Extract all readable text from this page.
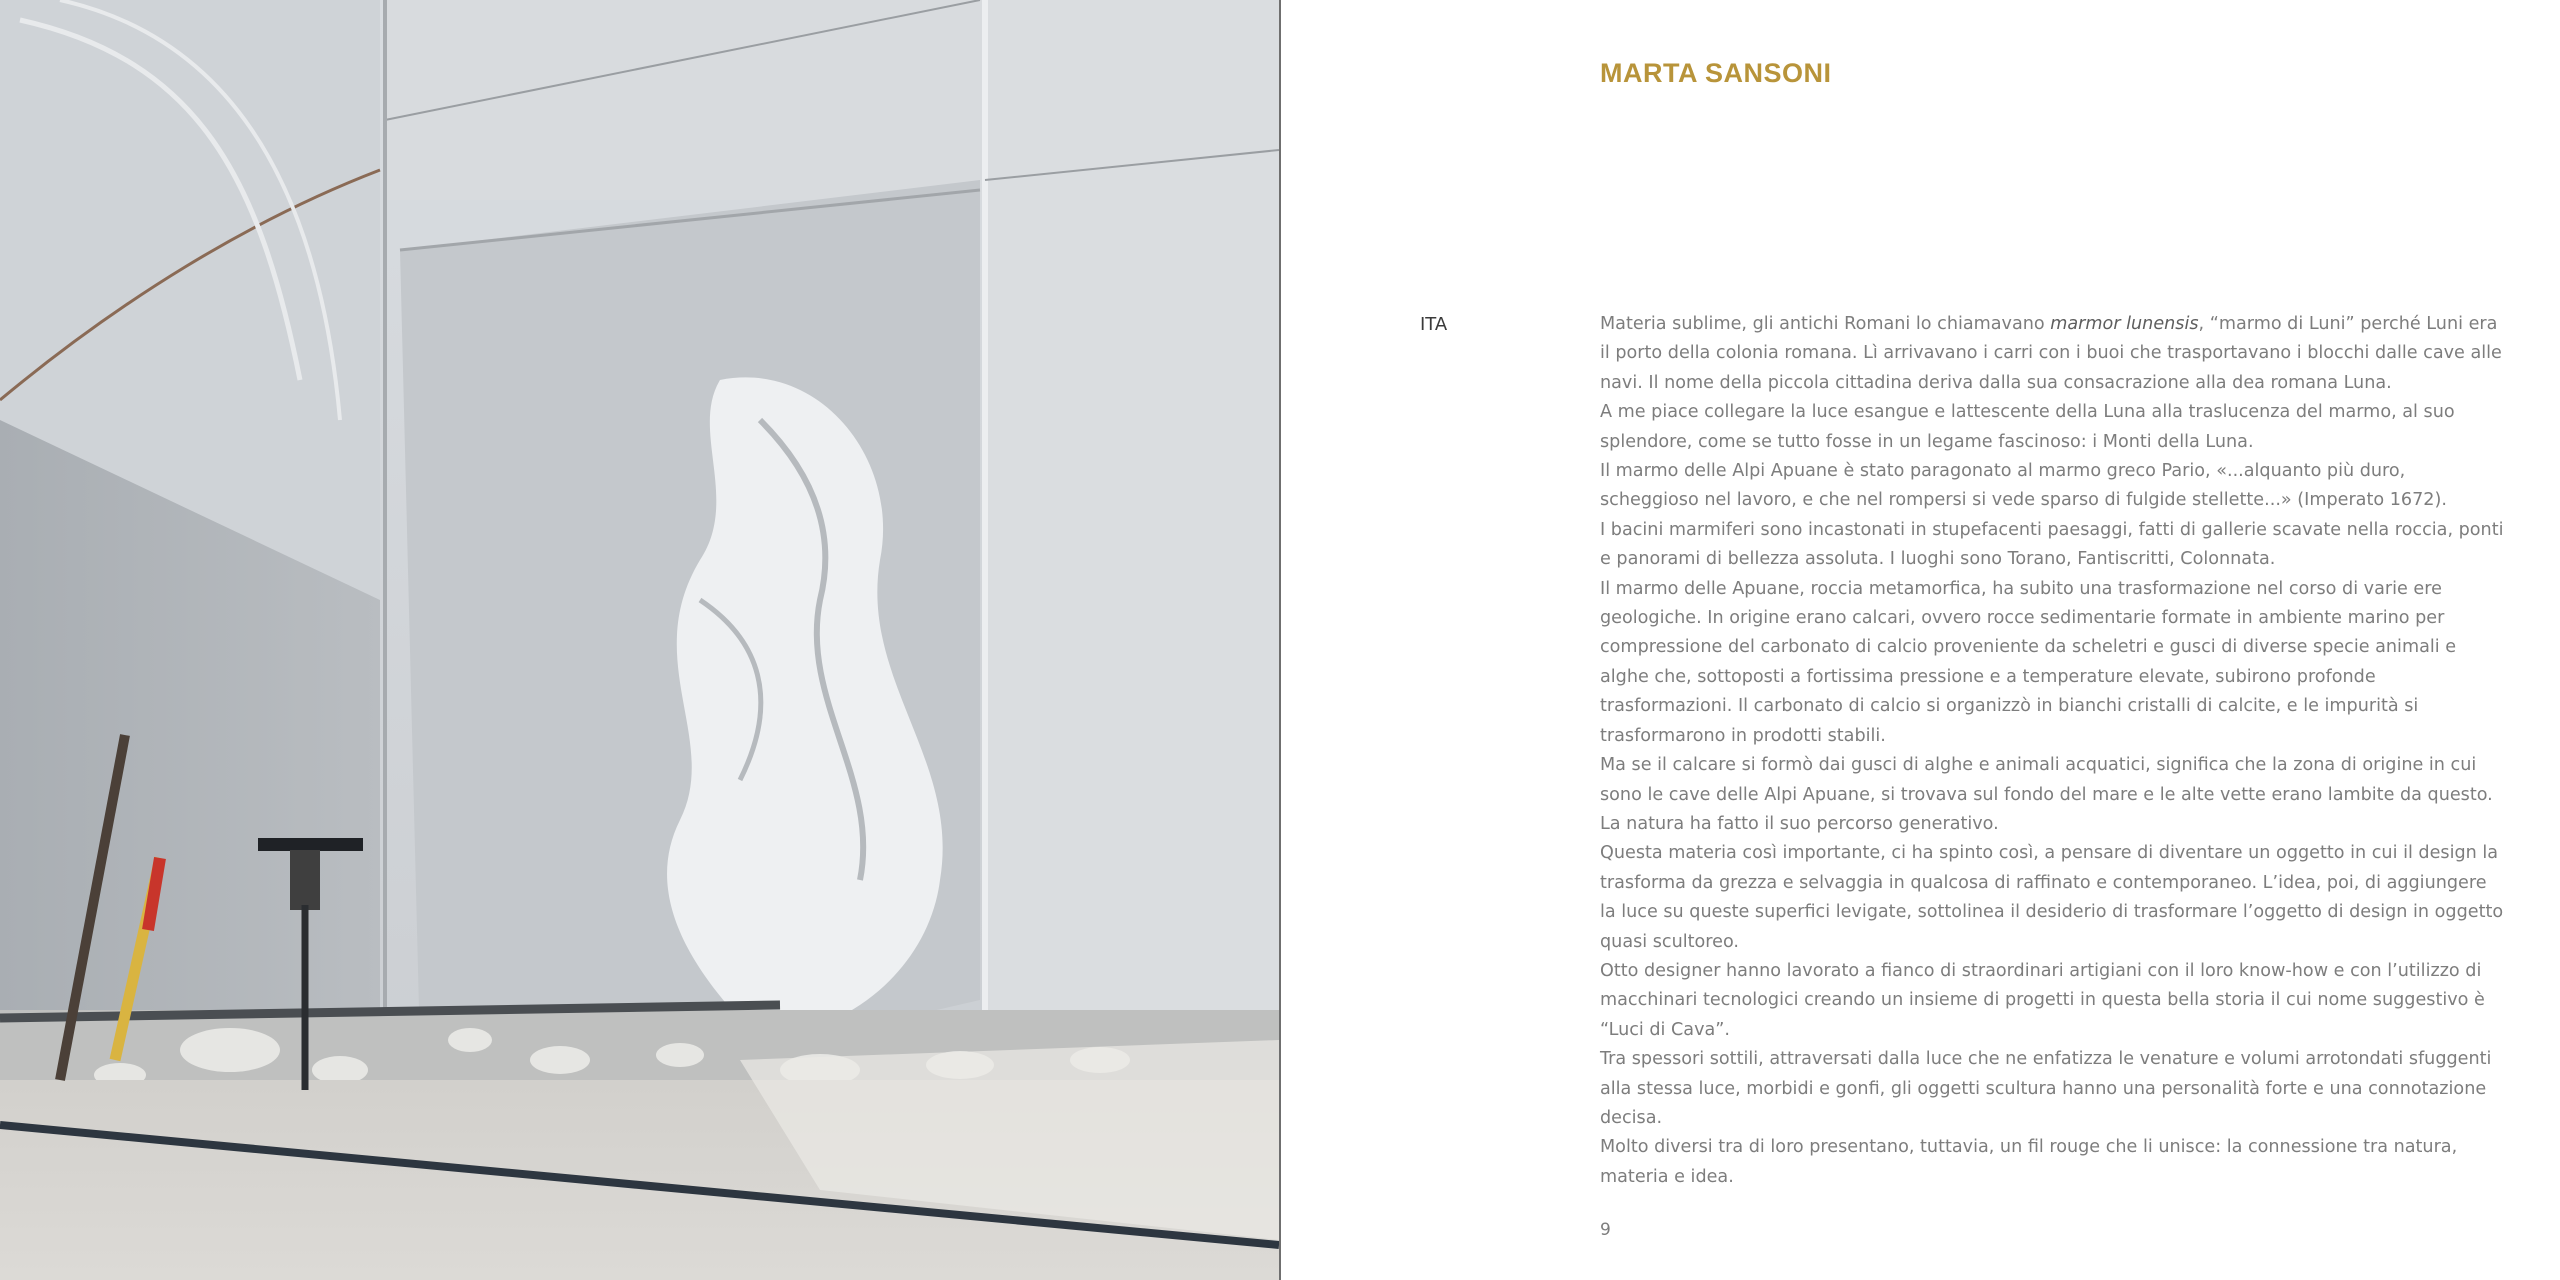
MARTA SANSONI
ITA	Materia sublime, gli antichi Romani lo chiamavano marmor lunensis, “marmo di Luni” perché Luni era il porto della colonia romana. Lì arrivavano i carri con i buoi che trasportavano i blocchi dalle cave alle navi. Il nome della piccola cittadina deriva dalla sua consacrazione alla dea romana Luna.

A me piace collegare la luce esangue e lattescente della Luna alla traslucenza del marmo, al suo splendore, come se tutto fosse in un legame fascinoso: i Monti della Luna.

Il marmo delle Alpi Apuane è stato paragonato al marmo greco Pario, «...alquanto più duro, scheggioso nel lavoro, e che nel rompersi si vede sparso di fulgide stellette...» (Imperato 1672).

I bacini marmiferi sono incastonati in stupefacenti paesaggi, fatti di gallerie scavate nella roccia, ponti e panorami di bellezza assoluta. I luoghi sono Torano, Fantiscritti, Colonnata.

Il marmo delle Apuane, roccia metamorfica, ha subito una trasformazione nel corso di varie ere geologiche. In origine erano calcari, ovvero rocce sedimentarie formate in ambiente marino per compressione del carbonato di calcio proveniente da scheletri e gusci di diverse specie animali e alghe che, sottoposti a fortissima pressione e a temperature elevate, subirono profonde trasformazioni. Il carbonato di calcio si organizzò in bianchi cristalli di calcite, e le impurità si trasformarono in prodotti stabili.

Ma se il calcare si formò dai gusci di alghe e animali acquatici, significa che la zona di origine in cui sono le cave delle Alpi Apuane, si trovava sul fondo del mare e le alte vette erano lambite da questo. La natura ha fatto il suo percorso generativo.

Questa materia così importante, ci ha spinto così, a pensare di diventare un oggetto in cui il design la trasforma da grezza e selvaggia in qualcosa di raffinato e contemporaneo. L’idea, poi, di aggiungere la luce su queste superfici levigate, sottolinea il desiderio di trasformare l’oggetto di design in oggetto quasi scultoreo.

Otto designer hanno lavorato a fianco di straordinari artigiani con il loro know-how e con l’utilizzo di macchinari tecnologici creando un insieme di progetti in questa bella storia il cui nome suggestivo è “Luci di Cava”.

Tra spessori sottili, attraversati dalla luce che ne enfatizza le venature e volumi arrotondati sfuggenti alla stessa luce, morbidi e gonfi, gli oggetti scultura hanno una personalità forte e una connotazione decisa.

Molto diversi tra di loro presentano, tuttavia, un fil rouge che li unisce: la connessione tra natura, materia e idea.

9
